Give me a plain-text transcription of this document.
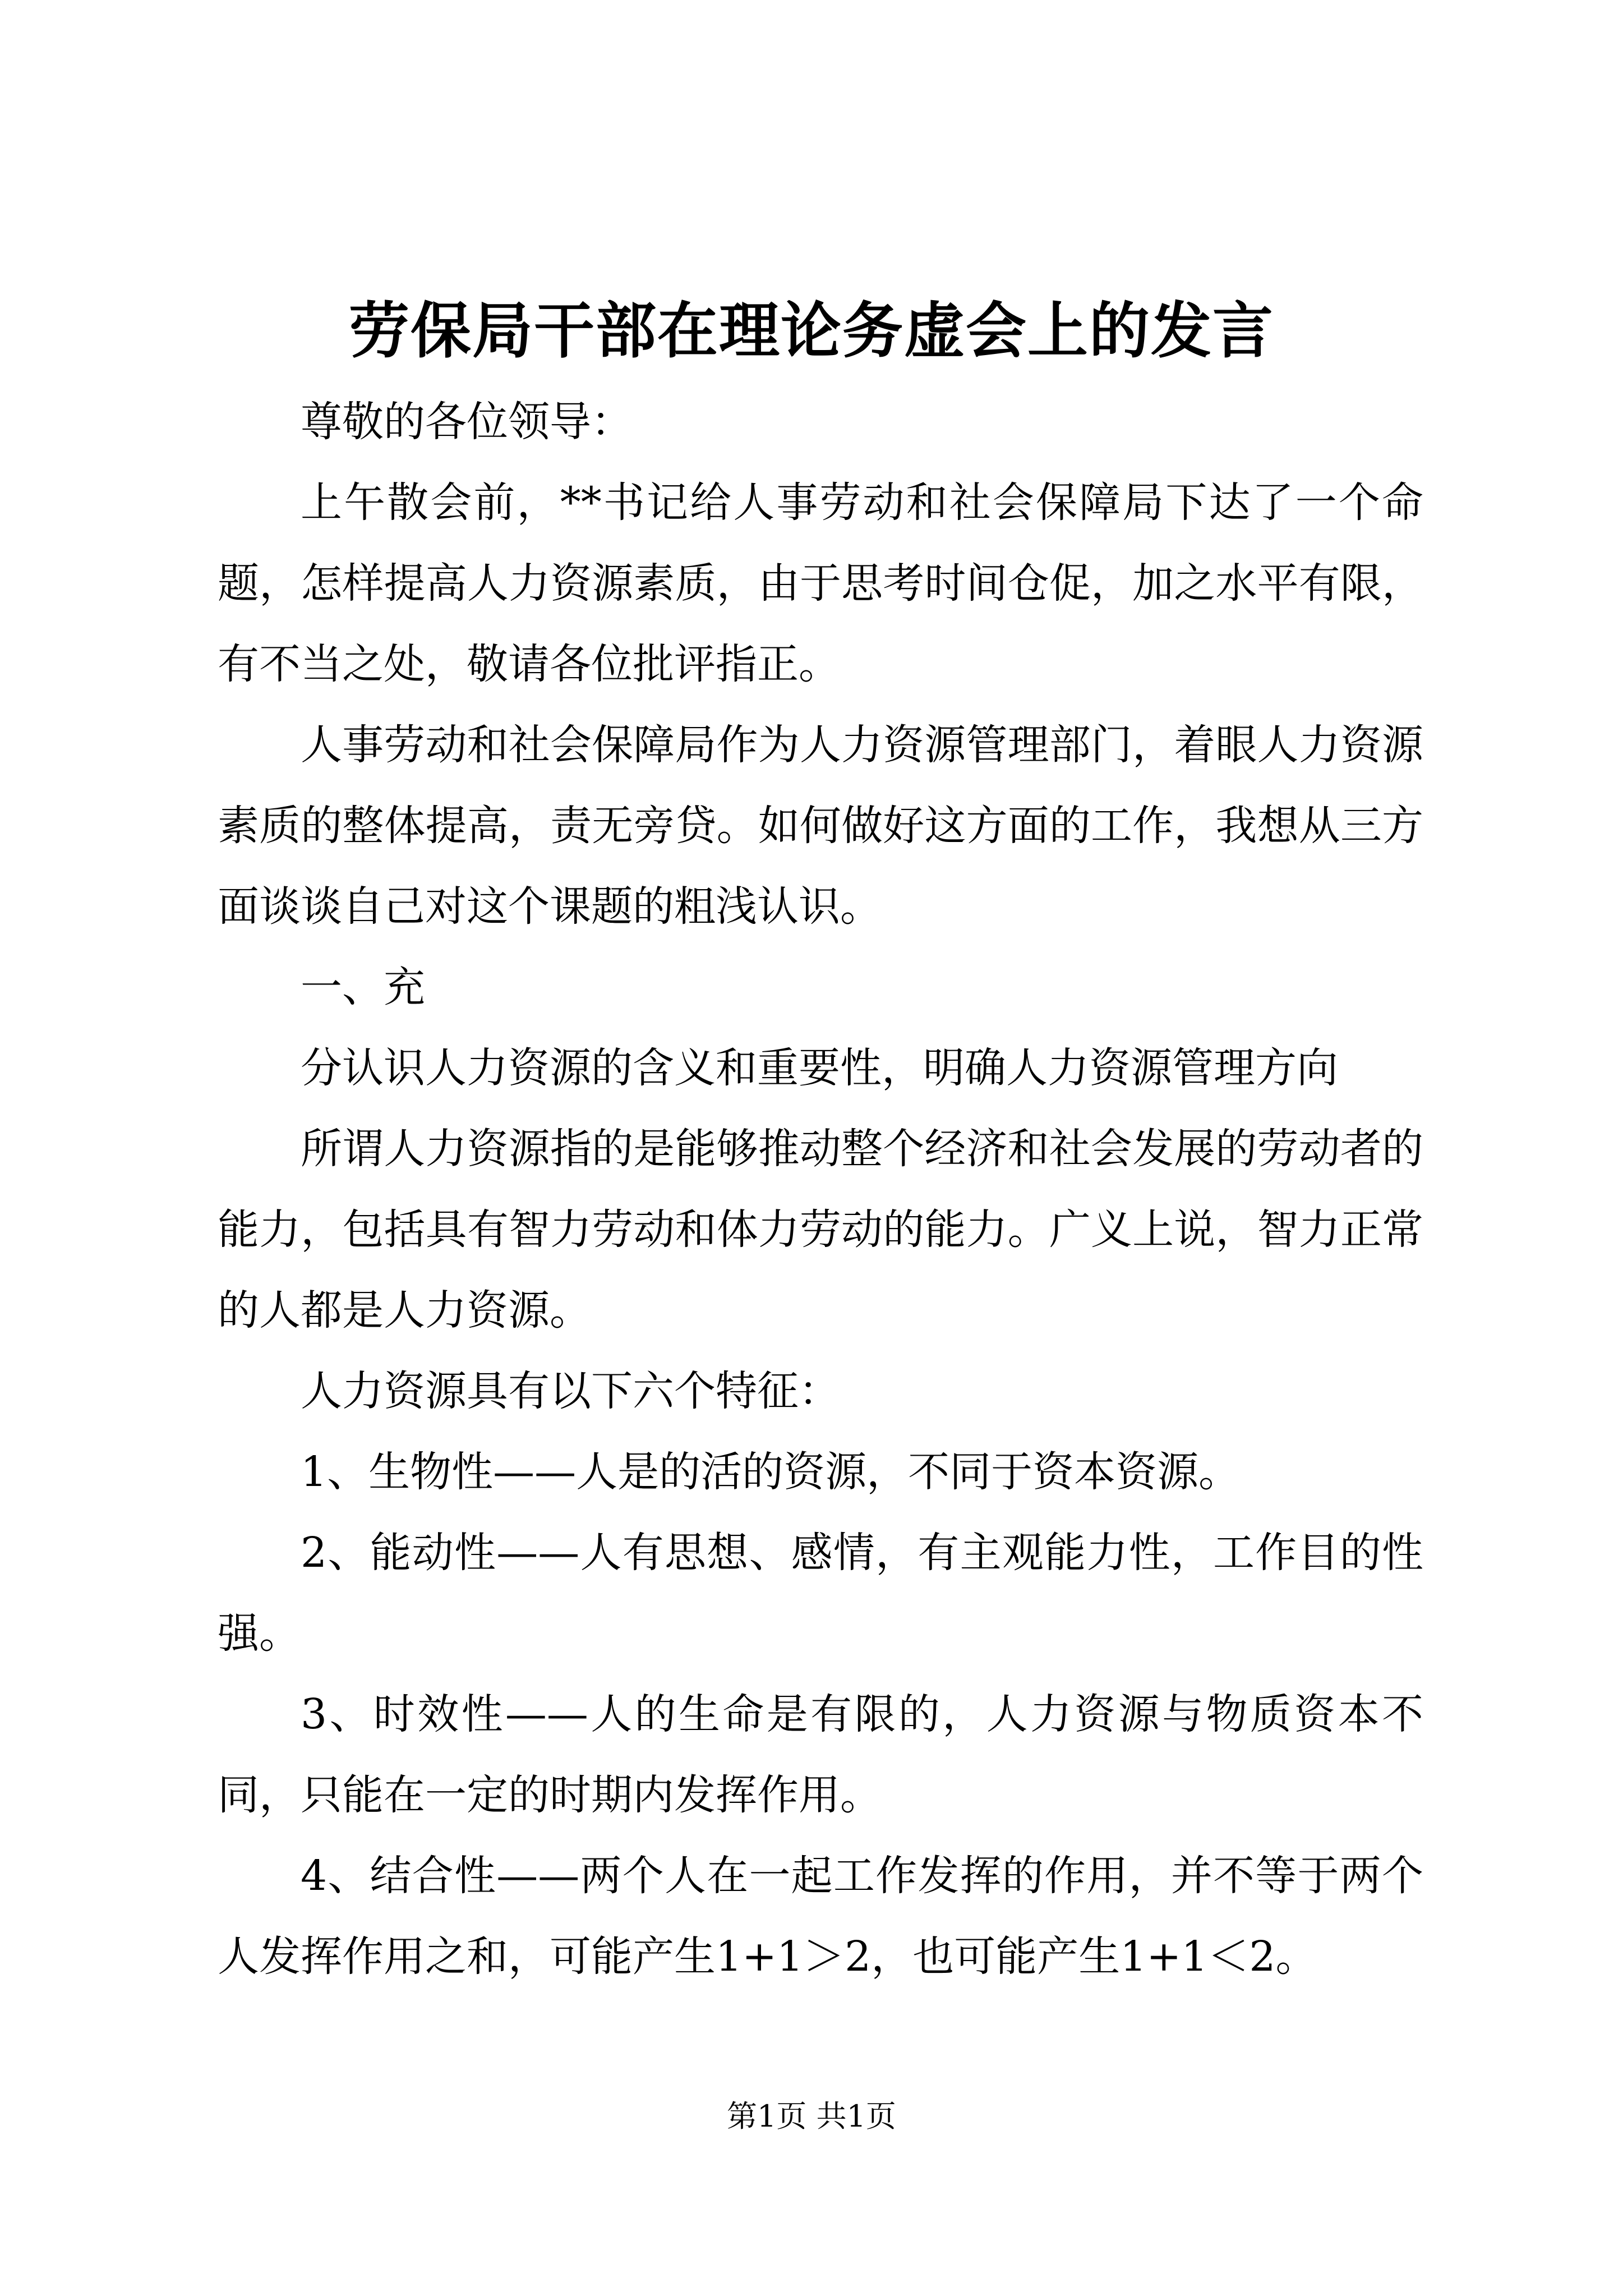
劳保局干部在理论务虚会上的发言

尊敬的各位领导：

上午散会前，**书记给人事劳动和社会保障局下达了一个命题，怎样提高人力资源素质，由于思考时间仓促，加之水平有限，有不当之处，敬请各位批评指正。

人事劳动和社会保障局作为人力资源管理部门，着眼人力资源素质的整体提高，责无旁贷。如何做好这方面的工作，我想从三方面谈谈自己对这个课题的粗浅认识。

一、充

分认识人力资源的含义和重要性，明确人力资源管理方向

所谓人力资源指的是能够推动整个经济和社会发展的劳动者的能力，包括具有智力劳动和体力劳动的能力。广义上说，智力正常的人都是人力资源。

人力资源具有以下六个特征：

1、生物性——人是的活的资源，不同于资本资源。

2、能动性——人有思想、感情，有主观能力性，工作目的性强。

3、时效性——人的生命是有限的，人力资源与物质资本不同，只能在一定的时期内发挥作用。

4、结合性——两个人在一起工作发挥的作用，并不等于两个人发挥作用之和，可能产生1+1＞2，也可能产生1+1＜2。

第1页 共1页
